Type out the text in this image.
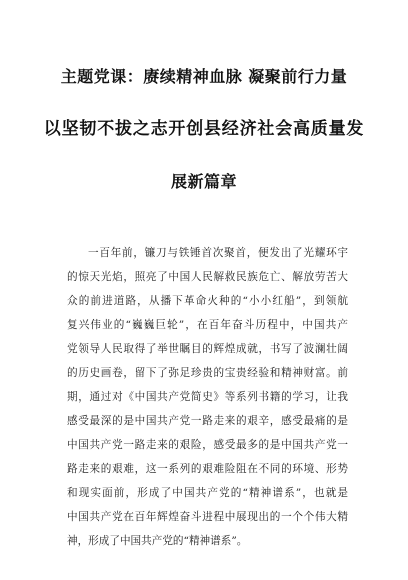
主题党课：赓续精神血脉 凝聚前行力量
以坚韧不拔之志开创县经济社会高质量发
展新篇章
一百年前，镰刀与铁锤首次聚首，便发出了光耀环宇
的惊天光焰，照亮了中国人民解救民族危亡、解放劳苦大
众的前进道路，从播下革命火种的“小小红船”，到领航
复兴伟业的“巍巍巨轮”，在百年奋斗历程中，中国共产
党领导人民取得了举世瞩目的辉煌成就，书写了波澜壮阔
的历史画卷，留下了弥足珍贵的宝贵经验和精神财富。前
期，通过对《中国共产党简史》等系列书籍的学习，让我
感受最深的是中国共产党一路走来的艰辛，感受最痛的是
中国共产党一路走来的艰险，感受最多的是中国共产党一
路走来的艰难，这一系列的艰难险阻在不同的环境、形势
和现实面前，形成了中国共产党的“精神谱系”，也就是
中国共产党在百年辉煌奋斗进程中展现出的一个个伟大精
神，形成了中国共产党的“精神谱系”。
